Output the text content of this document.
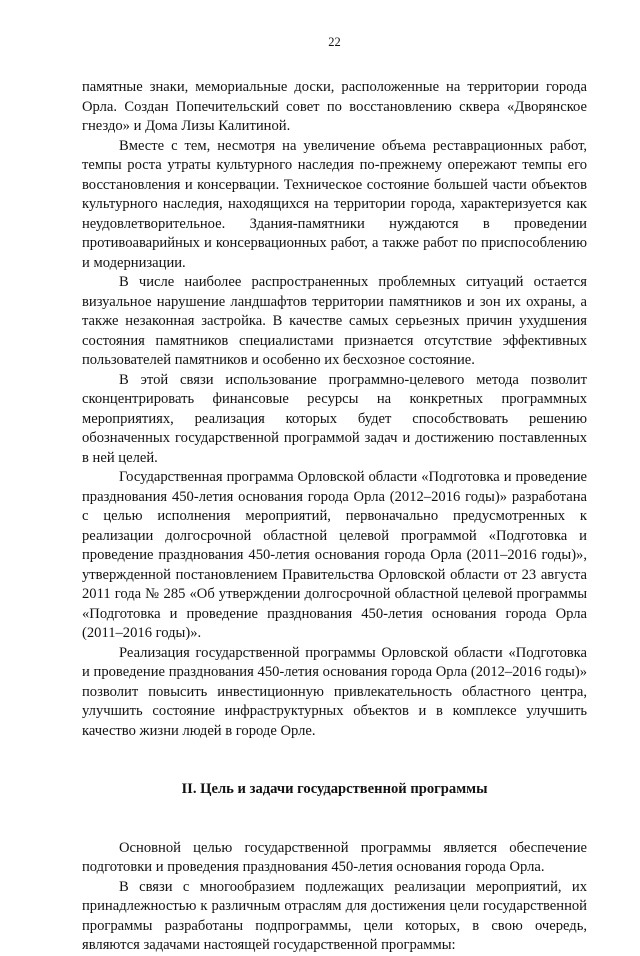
22

памятные знаки, мемориальные доски, расположенные на территории города Орла. Создан Попечительский совет по восстановлению сквера «Дворянское гнездо» и Дома Лизы Калитиной.

Вместе с тем, несмотря на увеличение объема реставрационных работ, темпы роста утраты культурного наследия по-прежнему опережают темпы его восстановления и консервации. Техническое состояние большей части объектов культурного наследия, находящихся на территории города, характеризуется как неудовлетворительное. Здания-памятники нуждаются в проведении противоаварийных и консервационных работ, а также работ по приспособлению и модернизации.

В числе наиболее распространенных проблемных ситуаций остается визуальное нарушение ландшафтов территории памятников и зон их охраны, а также незаконная застройка. В качестве самых серьезных причин ухудшения состояния памятников специалистами признается отсутствие эффективных пользователей памятников и особенно их бесхозное состояние.

В этой связи использование программно-целевого метода позволит сконцентрировать финансовые ресурсы на конкретных программных мероприятиях, реализация которых будет способствовать решению обозначенных государственной программой задач и достижению поставленных в ней целей.

Государственная программа Орловской области «Подготовка и проведение празднования 450-летия основания города Орла (2012–2016 годы)» разработана с целью исполнения мероприятий, первоначально предусмотренных к реализации долгосрочной областной целевой программой «Подготовка и проведение празднования 450-летия основания города Орла (2011–2016 годы)», утвержденной постановлением Правительства Орловской области от 23 августа 2011 года № 285 «Об утверждении долгосрочной областной целевой программы «Подготовка и проведение празднования 450-летия основания города Орла (2011–2016 годы)».

Реализация государственной программы Орловской области «Подготовка и проведение празднования 450-летия основания города Орла (2012–2016 годы)» позволит повысить инвестиционную привлекательность областного центра, улучшить состояние инфраструктурных объектов и в комплексе улучшить качество жизни людей в городе Орле.

II. Цель и задачи государственной программы

Основной целью государственной программы является обеспечение подготовки и проведения празднования 450-летия основания города Орла.

В связи с многообразием подлежащих реализации мероприятий, их принадлежностью к различным отраслям для достижения цели государственной программы разработаны подпрограммы, цели которых, в свою очередь, являются задачами настоящей государственной программы:
